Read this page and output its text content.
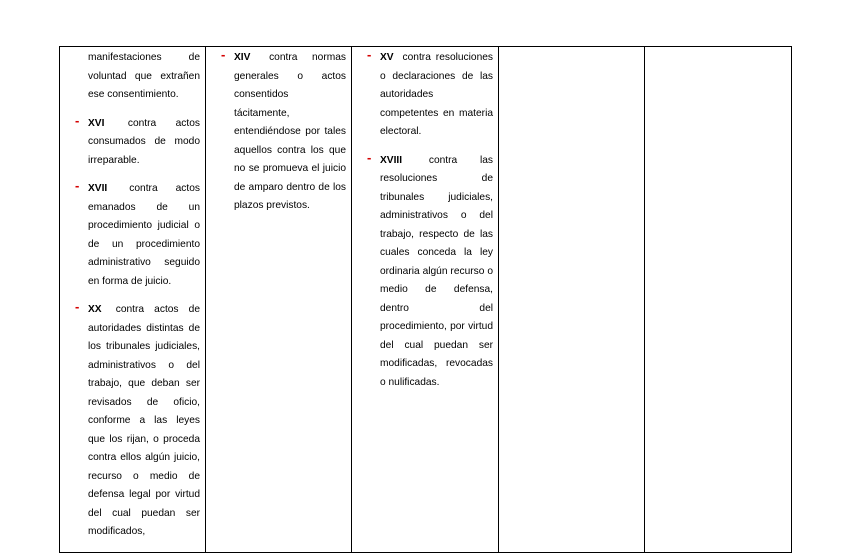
manifestaciones de voluntad que extrañen ese consentimiento.
- XVI contra actos consumados de modo irreparable.
- XVII contra actos emanados de un procedimiento judicial o de un procedimiento administrativo seguido en forma de juicio.
- XX contra actos de autoridades distintas de los tribunales judiciales, administrativos o del trabajo, que deban ser revisados de oficio, conforme a las leyes que los rijan, o proceda contra ellos algún juicio, recurso o medio de defensa legal por virtud del cual puedan ser modificados,

- XIV contra normas generales o actos consentidos tácitamente, entendiéndose por tales aquellos contra los que no se promueva el juicio de amparo dentro de los plazos previstos.

- XV contra resoluciones o declaraciones de las autoridades competentes en materia electoral.
- XVIII	contra las resoluciones de tribunales judiciales, administrativos o del trabajo, respecto de las cuales conceda la ley ordinaria algún recurso o medio de defensa, dentro del procedimiento, por virtud del cual puedan ser modificadas, revocadas o nulificadas.
